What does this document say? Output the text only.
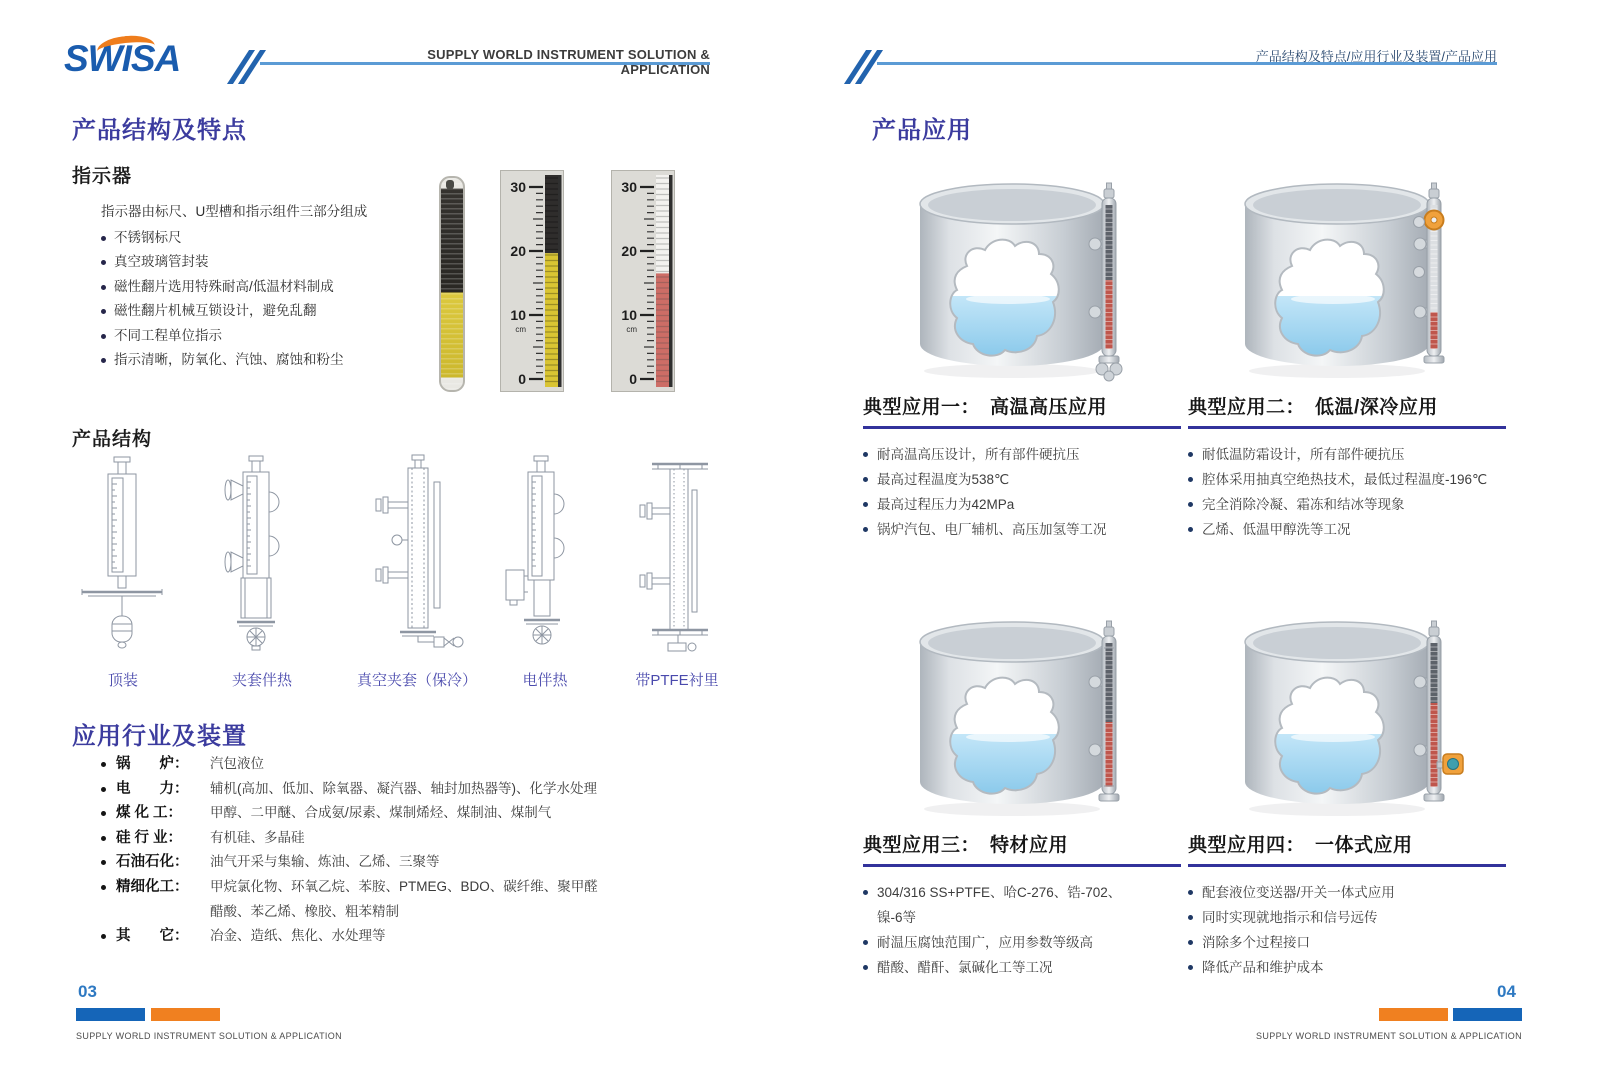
SWISA	SUPPLY WORLD INSTRUMENT SOLUTION & APPLICATION
产品结构及特点
指示器
指示器由标尺、U型槽和指示组件三部分组成
不锈钢标尺
真空玻璃管封装
磁性翻片选用特殊耐高/低温材料制成
磁性翻片机械互锁设计，避免乱翻
不同工程单位指示
指示清晰，防氧化、汽蚀、腐蚀和粉尘
30
20
10
0
cm
30
20
10
0
cm
产品结构
顶装	夹套伴热	真空夹套（保冷）	电伴热	带PTFE衬里
应用行业及装置
锅　　炉：	汽包液位
电　　力：	辅机(高加、低加、除氧器、凝汽器、轴封加热器等)、化学水处理
煤 化 工：	甲醇、二甲醚、合成氨/尿素、煤制烯烃、煤制油、煤制气
硅 行 业：	有机硅、多晶硅
石油石化：	油气开采与集输、炼油、乙烯、三聚等
精细化工：	甲烷氯化物、环氧乙烷、苯胺、PTMEG、BDO、碳纤维、聚甲醛
醋酸、苯乙烯、橡胶、粗苯精制
其　　它：	冶金、造纸、焦化、水处理等
03
SUPPLY WORLD INSTRUMENT SOLUTION & APPLICATION
产品结构及特点/应用行业及装置/产品应用
产品应用
典型应用一：　高温高压应用
耐高温高压设计，所有部件硬抗压
最高过程温度为538℃
最高过程压力为42MPa
锅炉汽包、电厂辅机、高压加氢等工况
典型应用二：　低温/深冷应用
耐低温防霜设计，所有部件硬抗压
腔体采用抽真空绝热技术，最低过程温度-196℃
完全消除冷凝、霜冻和结冰等现象
乙烯、低温甲醇洗等工况
典型应用三：　特材应用
304/316 SS+PTFE、哈C-276、锆-702、
镍-6等
耐温压腐蚀范围广，应用参数等级高
醋酸、醋酐、氯碱化工等工况
典型应用四：　一体式应用
配套液位变送器/开关一体式应用
同时实现就地指示和信号远传
消除多个过程接口
降低产品和维护成本
04
SUPPLY WORLD INSTRUMENT SOLUTION & APPLICATION
